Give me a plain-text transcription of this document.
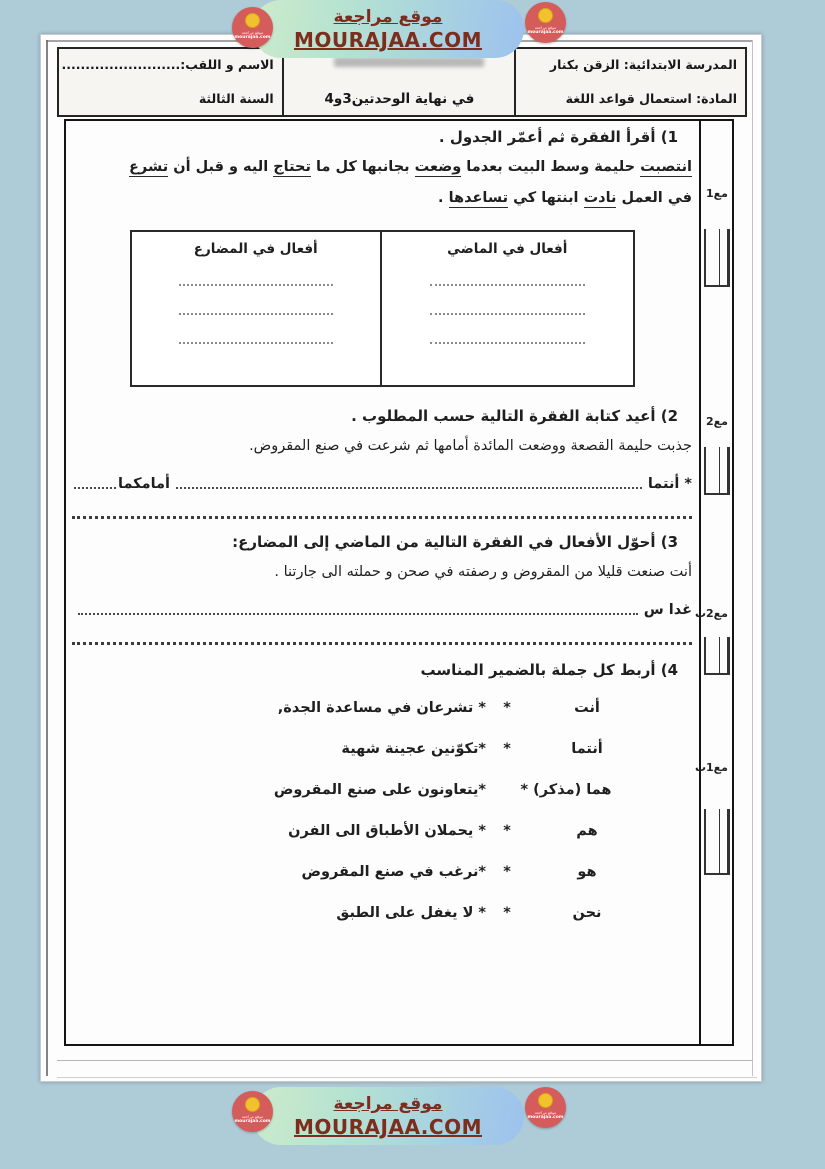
موقع مراجعة
MOURAJAA.COM
موقع مراجعة
mourajaa.com
موقع مراجعة
mourajaa.com
المدرسة الابتدائية: الزقن بكنار
المادة: استعمال قواعد اللغة
في نهاية الوحدتين3و4
الاسم و اللقب:.........................
السنة الثالثة
مع1
مع2
مع2ب
مع1ب
1) أقرأ الفقرة ثم أعمّر الجدول .
انتصبت حليمة وسط البيت بعدما وضعت بجانبها كل ما تحتاج اليه و قبل أن تشرع
في العمل نادت ابنتها كي تساعدها .
أفعال في الماضي
أفعال في المضارع
2) أعيد كتابة الفقرة التالية حسب المطلوب .
جذبت حليمة القصعة ووضعت المائدة أمامها ثم شرعت في صنع المقروض.
* أنتما
أمامكما
3) أحوّل الأفعال في الفقرة التالية من الماضي إلى المضارع:
أنت صنعت قليلا من المقروض و رصفته في صحن و حملته الى جارتنا .
غدا س
4) أربط كل جملة بالضمير المناسب
أنت
*
* تشرعان في مساعدة الجدة,
أنتما
*
*تكوّنين عجينة شهية
هما (مذكر) *
*يتعاونون على صنع المقروض
هم
*
* يحملان الأطباق الى الفرن
هو
*
*نرغب في صنع المقروض
نحن
*
* لا يغفل على الطبق
موقع مراجعة
MOURAJAA.COM
موقع مراجعة
mourajaa.com
موقع مراجعة
mourajaa.com
